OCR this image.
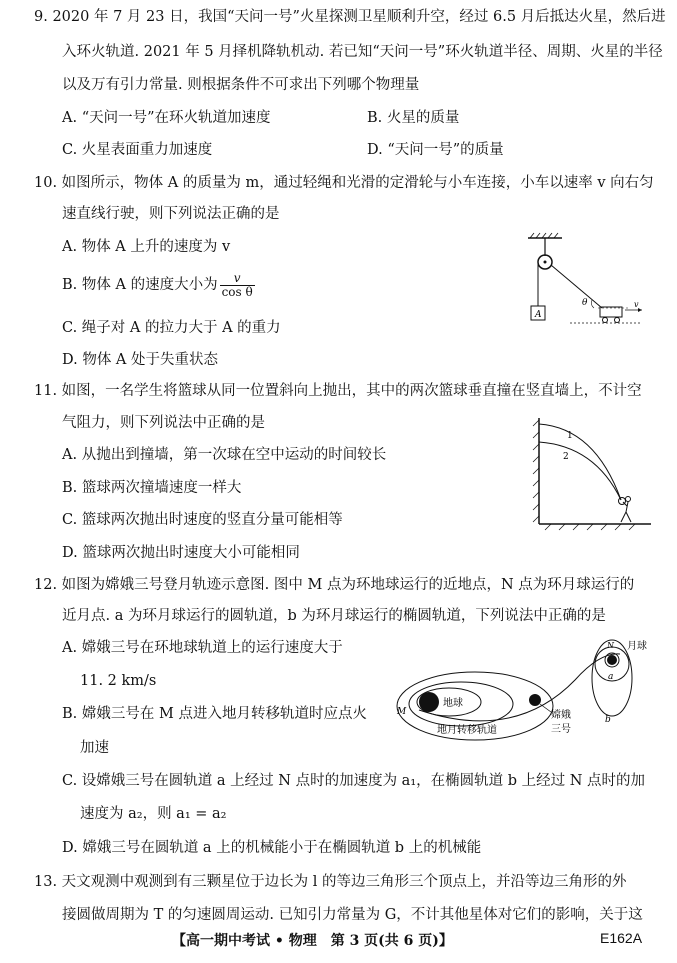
9. 2020 年 7 月 23 日，我国“天问一号”火星探测卫星顺利升空，经过 6.5 月后抵达火星，然后进
入环火轨道. 2021 年 5 月择机降轨机动. 若已知“天问一号”环火轨道半径、周期、火星的半径
以及万有引力常量. 则根据条件不可求出下列哪个物理量
A. “天问一号”在环火轨道加速度	B. 火星的质量
C. 火星表面重力加速度	D. “天问一号”的质量
10. 如图所示，物体 A 的质量为 m，通过轻绳和光滑的定滑轮与小车连接，小车以速率 v 向右匀
速直线行驶，则下列说法正确的是
A. 物体 A 上升的速度为 v
B. 物体 A 的速度大小为 $\frac{v}{\text{cos θ}}$
C. 绳子对 A 的拉力大于 A 的重力
D. 物体 A 处于失重状态
A
θ	v
11. 如图，一名学生将篮球从同一位置斜向上抛出，其中的两次篮球垂直撞在竖直墙上，不计空
气阻力，则下列说法中正确的是
A. 从抛出到撞墙，第一次球在空中运动的时间较长
B. 篮球两次撞墙速度一样大
C. 篮球两次抛出时速度的竖直分量可能相等
D. 篮球两次抛出时速度大小可能相同
1
2
12. 如图为嫦娥三号登月轨迹示意图. 图中 M 点为环地球运行的近地点，N 点为环月球运行的
近月点. a 为环月球运行的圆轨道，b 为环月球运行的椭圆轨道，下列说法中正确的是
A. 嫦娥三号在环地球轨道上的运行速度大于
11. 2 km/s
B. 嫦娥三号在 M 点进入地月转移轨道时应点火
加速
C. 设嫦娥三号在圆轨道 a 上经过 N 点时的加速度为 a₁，在椭圆轨道 b 上经过 N 点时的加
速度为 a₂，则 a₁ = a₂
D. 嫦娥三号在圆轨道 a 上的机械能小于在椭圆轨道 b 上的机械能
地球
M	嫦娥
三号
地月转移轨道
N 月球
a
b
13. 天文观测中观测到有三颗星位于边长为 l 的等边三角形三个顶点上，并沿等边三角形的外
接圆做周期为 T 的匀速圆周运动. 已知引力常量为 G，不计其他星体对它们的影响，关于这
【高一期中考试 • 物理　第 3 页(共 6 页)】	E162A
